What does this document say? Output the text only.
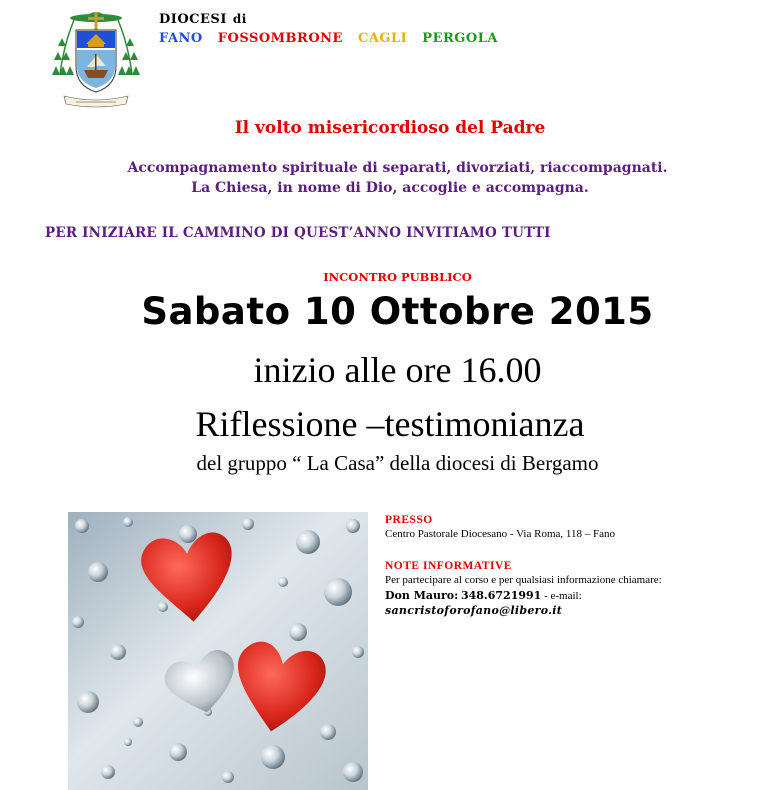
DIOCESI di
FANO FOSSOMBRONE CAGLI PERGOLA
Il volto misericordioso del Padre
Accompagnamento spirituale di separati, divorziati, riaccompagnati.
La Chiesa, in nome di Dio, accoglie e accompagna.
PER INIZIARE IL CAMMINO DI QUEST’ANNO INVITIAMO TUTTI
INCONTRO PUBBLICO
Sabato 10 Ottobre 2015
inizio alle ore 16.00
Riflessione –testimonianza
del gruppo “ La Casa” della diocesi di Bergamo
PRESSO
Centro Pastorale Diocesano - Via Roma, 118 – Fano
NOTE INFORMATIVE
Per partecipare al corso e per qualsiasi informazione chiamare:
Don Mauro: 348.6721991 - e-mail:
sancristoforofano@libero.it
